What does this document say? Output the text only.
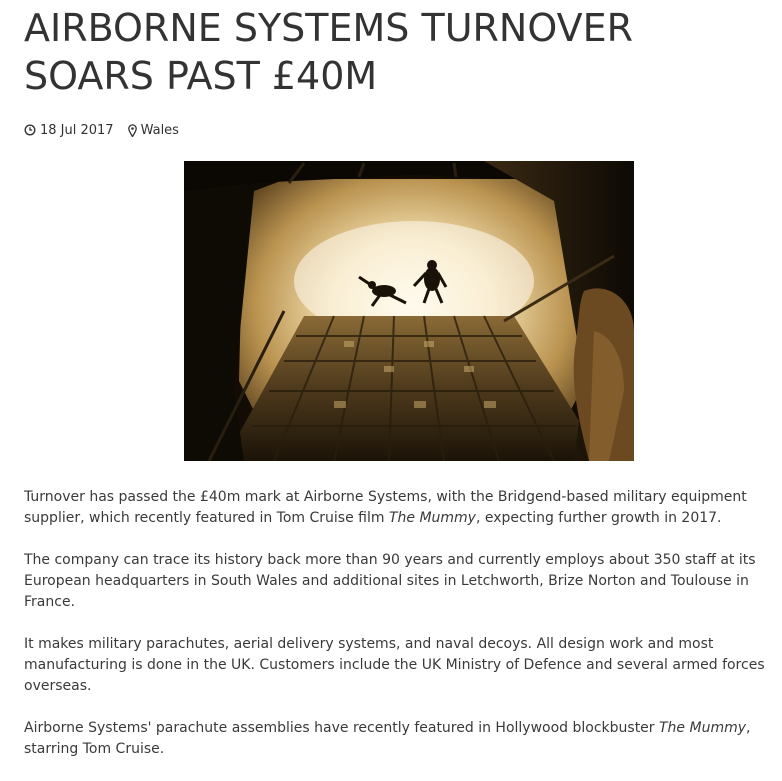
AIRBORNE SYSTEMS TURNOVER SOARS PAST £40M
18 Jul 2017 Wales

Turnover has passed the £40m mark at Airborne Systems, with the Bridgend-based military equipment supplier, which recently featured in Tom Cruise film The Mummy, expecting further growth in 2017.

The company can trace its history back more than 90 years and currently employs about 350 staff at its European headquarters in South Wales and additional sites in Letchworth, Brize Norton and Toulouse in France.

It makes military parachutes, aerial delivery systems, and naval decoys. All design work and most manufacturing is done in the UK. Customers include the UK Ministry of Defence and several armed forces overseas.

Airborne Systems' parachute assemblies have recently featured in Hollywood blockbuster The Mummy, starring Tom Cruise.
